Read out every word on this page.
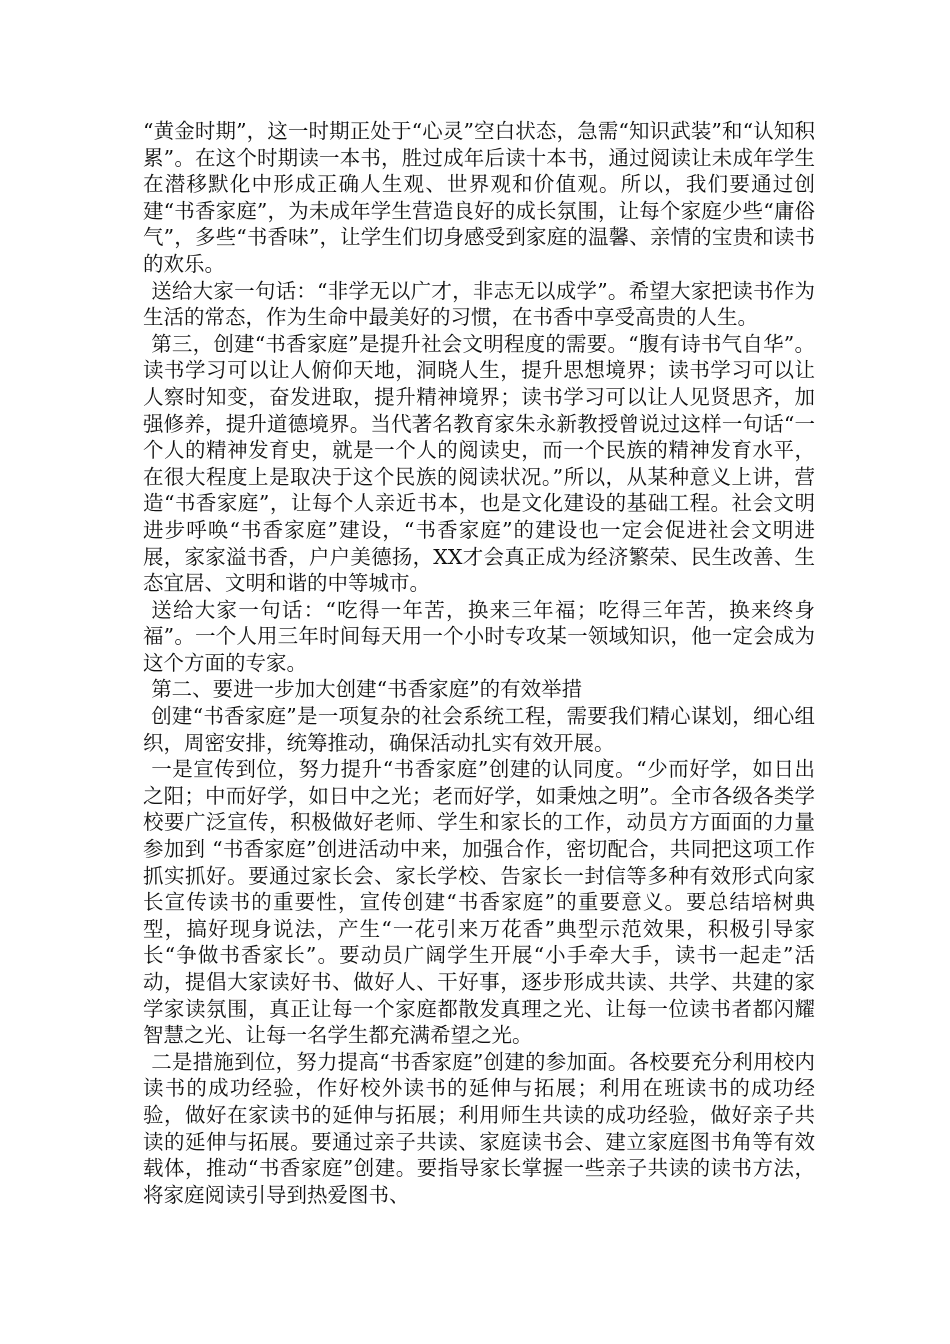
“黄金时期”，这一时期正处于“心灵”空白状态，急需“知识武装”和“认知积累”。在这个时期读一本书，胜过成年后读十本书，通过阅读让未成年学生在潜移默化中形成正确人生观、世界观和价值观。所以，我们要通过创建“书香家庭”，为未成年学生营造良好的成长氛围，让每个家庭少些“庸俗气”，多些“书香味”，让学生们切身感受到家庭的温馨、亲情的宝贵和读书的欢乐。

送给大家一句话：“非学无以广才，非志无以成学”。希望大家把读书作为生活的常态，作为生命中最美好的习惯，在书香中享受高贵的人生。

第三，创建“书香家庭”是提升社会文明程度的需要。“腹有诗书气自华”。读书学习可以让人俯仰天地，洞晓人生，提升思想境界；读书学习可以让人察时知变，奋发进取，提升精神境界；读书学习可以让人见贤思齐，加强修养，提升道德境界。当代著名教育家朱永新教授曾说过这样一句话“一个人的精神发育史，就是一个人的阅读史，而一个民族的精神发育水平，在很大程度上是取决于这个民族的阅读状况。”所以，从某种意义上讲，营造“书香家庭”，让每个人亲近书本，也是文化建设的基础工程。社会文明进步呼唤“书香家庭”建设，“书香家庭”的建设也一定会促进社会文明进展，家家溢书香，户户美德扬，XX才会真正成为经济繁荣、民生改善、生态宜居、文明和谐的中等城市。

送给大家一句话：“吃得一年苦，换来三年福；吃得三年苦，换来终身福”。一个人用三年时间每天用一个小时专攻某一领域知识，他一定会成为这个方面的专家。

第二、要进一步加大创建“书香家庭”的有效举措

创建“书香家庭”是一项复杂的社会系统工程，需要我们精心谋划，细心组织，周密安排，统筹推动，确保活动扎实有效开展。

一是宣传到位，努力提升“书香家庭”创建的认同度。“少而好学，如日出之阳；中而好学，如日中之光；老而好学，如秉烛之明”。全市各级各类学校要广泛宣传，积极做好老师、学生和家长的工作，动员方方面面的力量参加到 “书香家庭”创进活动中来，加强合作，密切配合，共同把这项工作抓实抓好。要通过家长会、家长学校、告家长一封信等多种有效形式向家长宣传读书的重要性，宣传创建“书香家庭”的重要意义。要总结培树典型，搞好现身说法，产生“一花引来万花香”典型示范效果，积极引导家长“争做书香家长”。要动员广阔学生开展“小手牵大手，读书一起走”活动，提倡大家读好书、做好人、干好事，逐步形成共读、共学、共建的家学家读氛围，真正让每一个家庭都散发真理之光、让每一位读书者都闪耀智慧之光、让每一名学生都充满希望之光。

二是措施到位，努力提高“书香家庭”创建的参加面。各校要充分利用校内读书的成功经验，作好校外读书的延伸与拓展；利用在班读书的成功经验，做好在家读书的延伸与拓展；利用师生共读的成功经验，做好亲子共读的延伸与拓展。要通过亲子共读、家庭读书会、建立家庭图书角等有效载体，推动“书香家庭”创建。要指导家长掌握一些亲子共读的读书方法，将家庭阅读引导到热爱图书、
